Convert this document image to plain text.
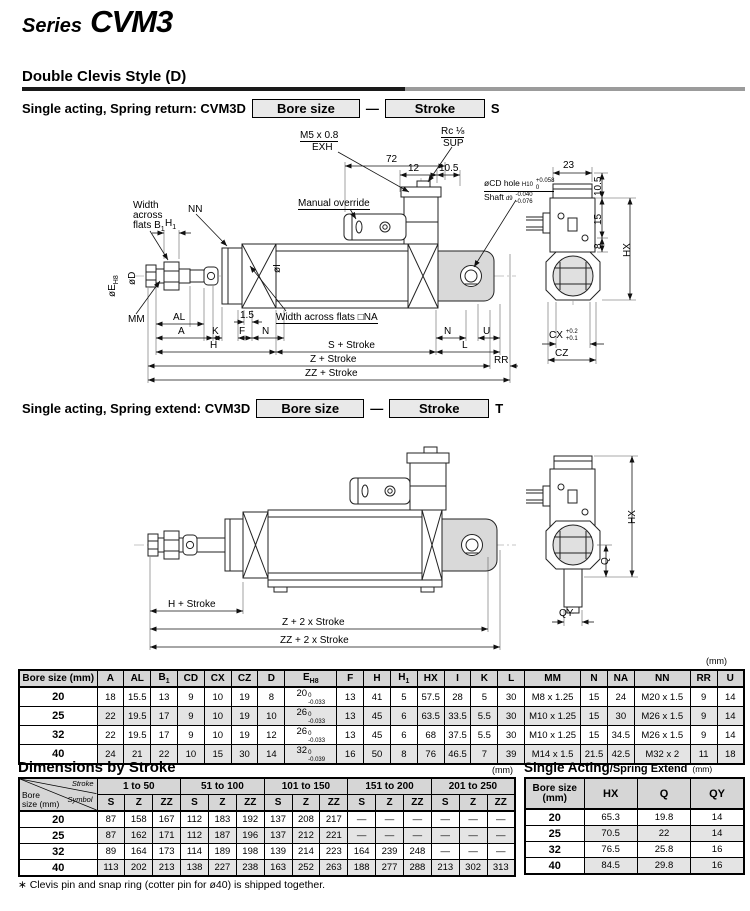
Series CVM3
Double Clevis Style (D)
Single acting, Spring return: CVM3D	Bore size	—	Stroke	S
M5 x 0.8
EXH
Rc ⅛
SUP
72
12 10.5
Manual override
øCD hole H10
+0.058
0
Shaft d9
-0.040
-0.076
Width
across
flats $B_1$
NN
$H_1$
$øE_{H8}$ øD
øI
MM	Width across flats □NA
AL
A	K F
1.5
N
H	S + Stroke
N	U
L
RR
Z + Stroke
ZZ + Stroke
23
10.5
15
8 HX
CX +0.2
+0.1
CZ
Single acting, Spring extend: CVM3D	Bore size	—	Stroke	T
H + Stroke
Z + 2 x Stroke
ZZ + 2 x Stroke
HX
Q
QY
(mm)
Bore size (mm)	A	AL	$B_1$	CD	CX	CZ	D	$E_{H8}$	F	H	$H_1$	HX	I	K	L	MM	N	NA	NN	RR	U
20	18	15.5	13	9	10	19	8	20 0
-0.033	13	41	5	57.5	28	5	30	M8 x 1.25	15	24	M20 x 1.5	9	14
25	22	19.5	17	9	10	19	10	26 0
-0.033	13	45	6	63.5	33.5	5.5	30	M10 x 1.25	15	30	M26 x 1.5	9	14
32	22	19.5	17	9	10	19	12	26 0
-0.033	13	45	6	68	37.5	5.5	30	M10 x 1.25	15	34.5	M26 x 1.5	9	14
40	24	21	22	10	15	30	14	32 0
-0.039	16	50	8	76	46.5	7	39	M14 x 1.5	21.5	42.5	M32 x 2	11	18
Dimensions by Stroke	(mm)
Stroke
Symbol
Bore
size (mm)	1 to 50			51 to 100			101 to 150			151 to 200			201 to 250		
	S	Z	ZZ	S	Z	ZZ	S	Z	ZZ	S	Z	ZZ	S	Z	ZZ
20	87	158	167	112	183	192	137	208	217	—	—	—	—	—	—
25	87	162	171	112	187	196	137	212	221	—	—	—	—	—	—
32	89	164	173	114	189	198	139	214	223	164	239	248	—	—	—
40	113	202	213	138	227	238	163	252	263	188	277	288	213	302	313
Single Acting /Spring Extend (mm)
Bore size
(mm)	HX	Q	QY
20	65.3	19.8	14
25	70.5	22	14
32	76.5	25.8	16
40	84.5	29.8	16
∗ Clevis pin and snap ring (cotter pin for ø40) is shipped together.
